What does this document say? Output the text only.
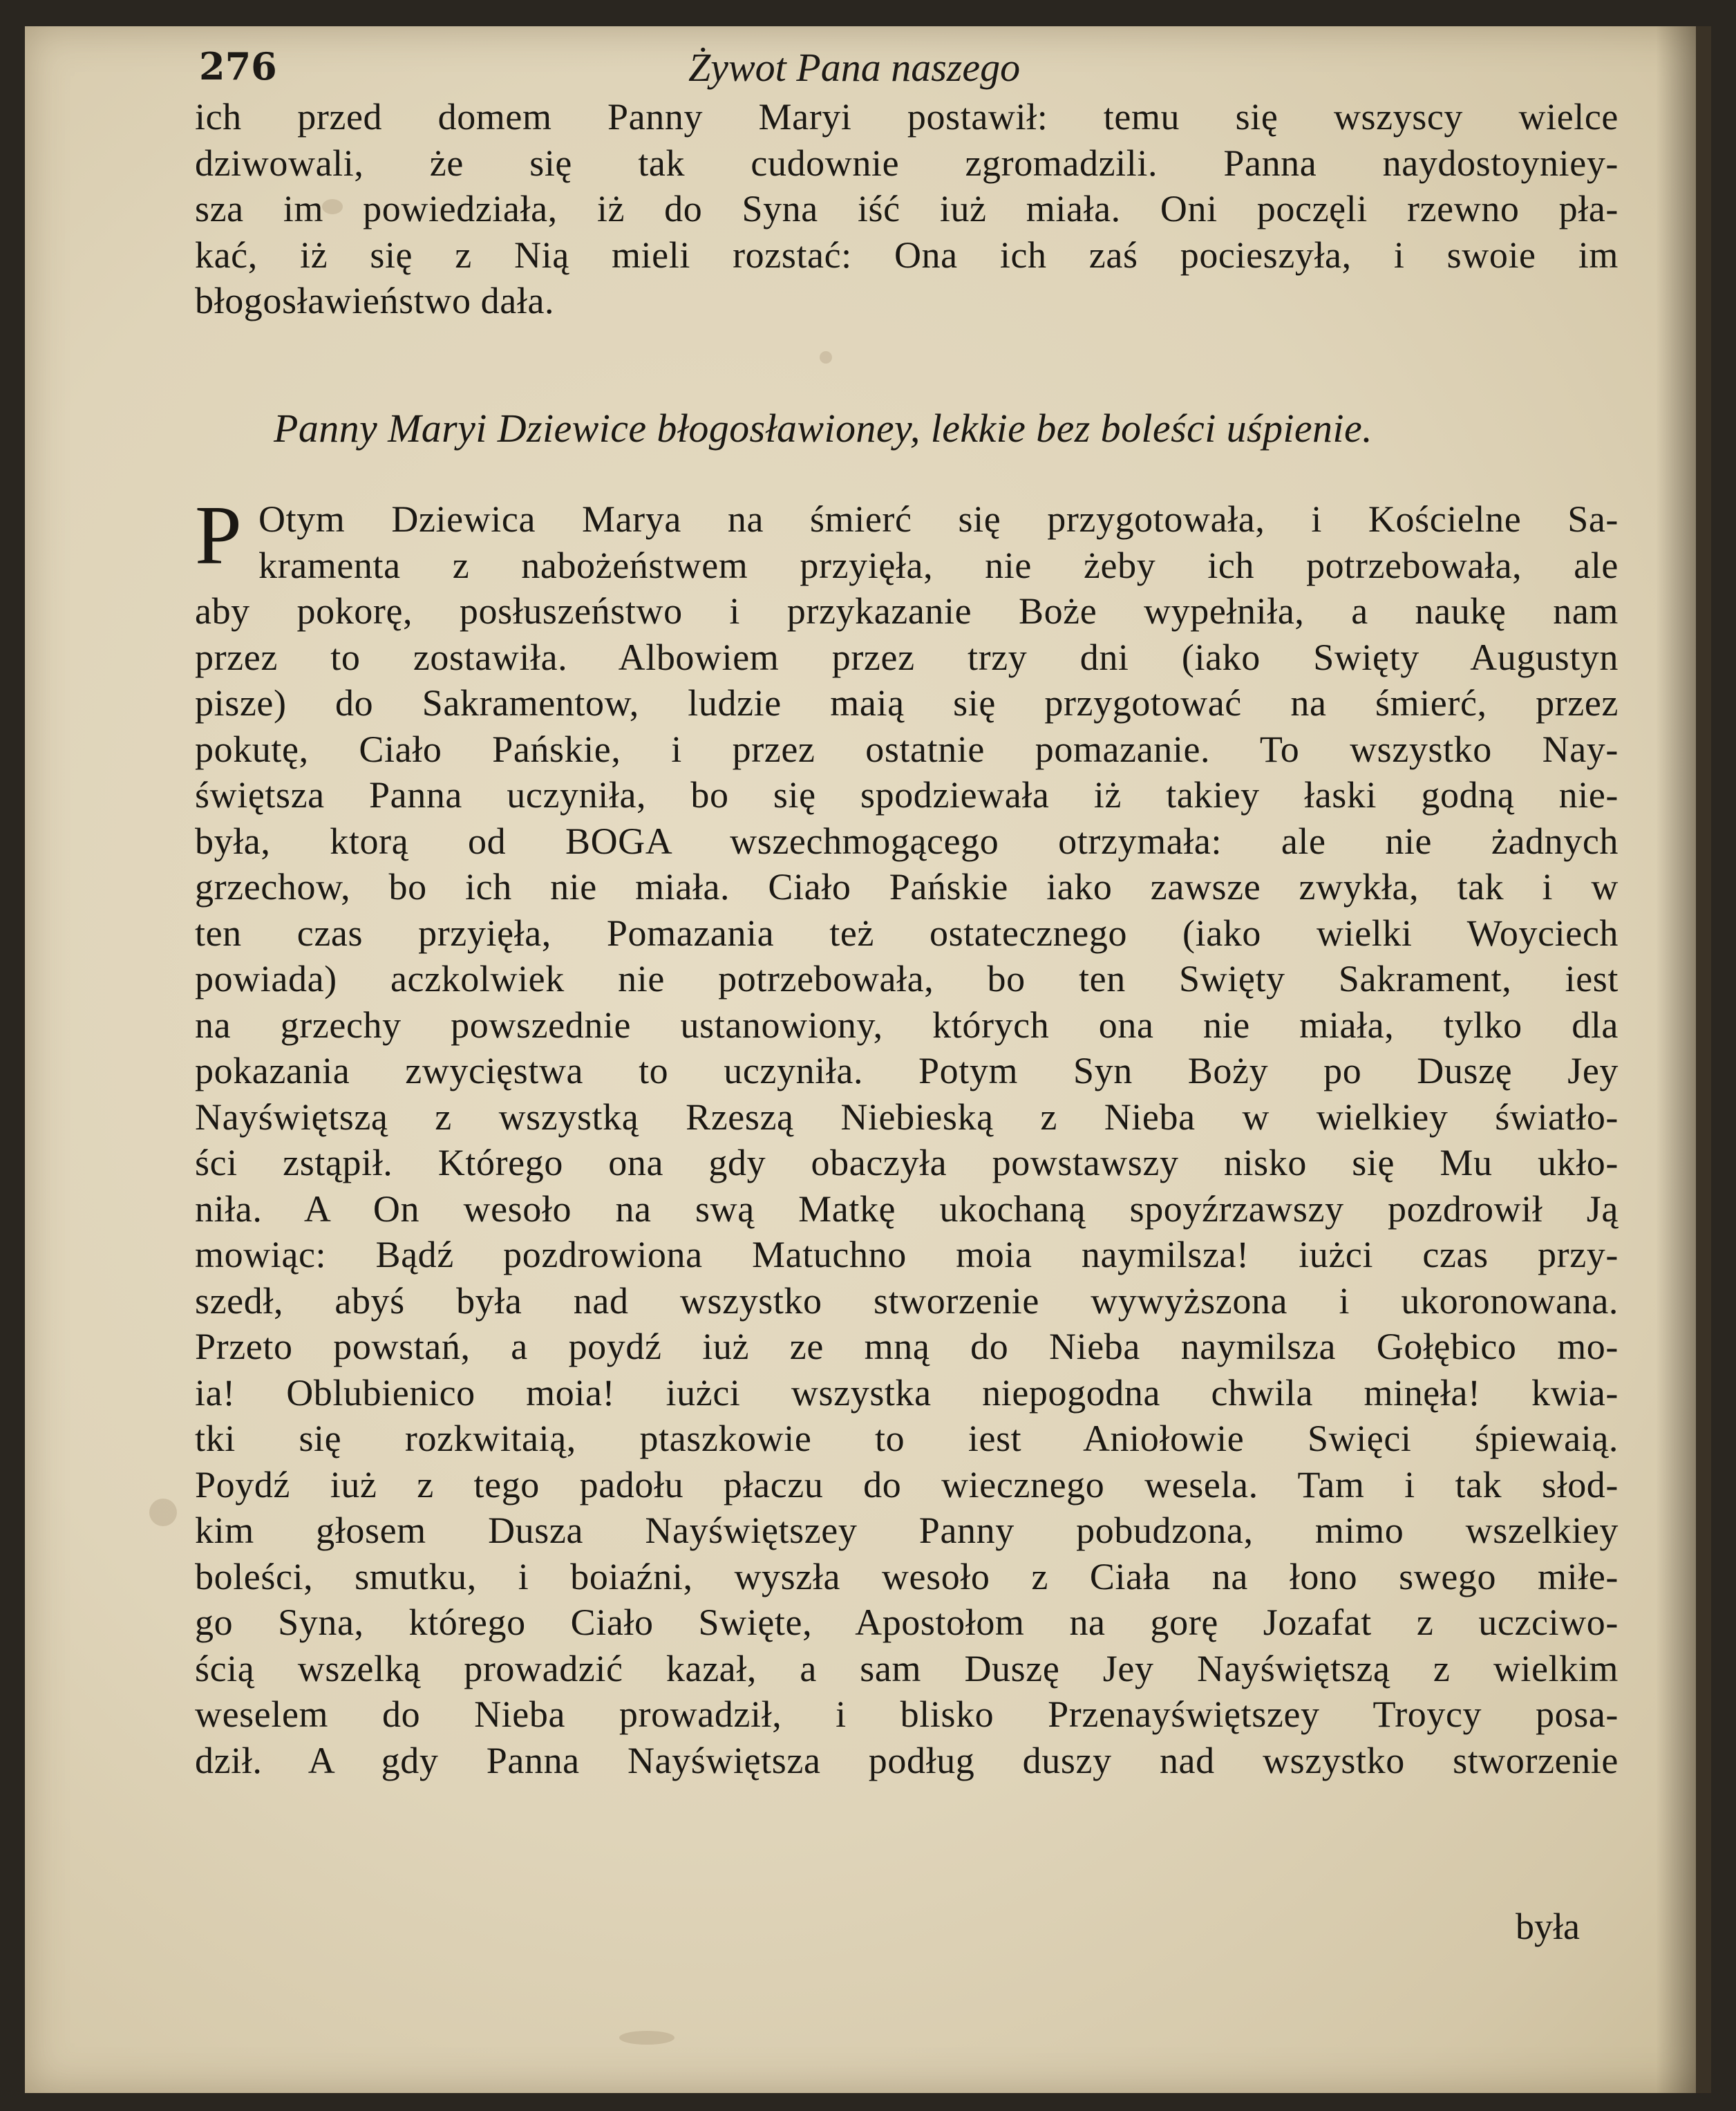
276	Żywot Pana naszego
ich przed domem Panny Maryi postawił: temu się wszyscy wielce
dziwowali, że się tak cudownie zgromadzili. Panna naydostoyniey-
sza im powiedziała, iż do Syna iść iuż miała. Oni poczęli rzewno pła-
kać, iż się z Nią mieli rozstać: Ona ich zaś pocieszyła, i swoie im
błogosławieństwo dała.
Panny Maryi Dziewice błogosławioney, lekkie bez boleści uśpienie.
P Otym Dziewica Marya na śmierć się przygotowała, i Kościelne Sa-
kramenta z nabożeństwem przyięła, nie żeby ich potrzebowała, ale
aby pokorę, posłuszeństwo i przykazanie Boże wypełniła, a naukę nam
przez to zostawiła. Albowiem przez trzy dni (iako Swięty Augustyn
pisze) do Sakramentow, ludzie maią się przygotować na śmierć, przez
pokutę, Ciało Pańskie, i przez ostatnie pomazanie. To wszystko Nay-
świętsza Panna uczyniła, bo się spodziewała iż takiey łaski godną nie-
była, ktorą od BOGA wszechmogącego otrzymała: ale nie żadnych
grzechow, bo ich nie miała. Ciało Pańskie iako zawsze zwykła, tak i w
ten czas przyięła, Pomazania też ostatecznego (iako wielki Woyciech
powiada) aczkolwiek nie potrzebowała, bo ten Swięty Sakrament, iest
na grzechy powszednie ustanowiony, których ona nie miała, tylko dla
pokazania zwycięstwa to uczyniła. Potym Syn Boży po Duszę Jey
Nayświętszą z wszystką Rzeszą Niebieską z Nieba w wielkiey światło-
ści zstąpił. Którego ona gdy obaczyła powstawszy nisko się Mu ukło-
niła. A On wesoło na swą Matkę ukochaną spoyźrzawszy pozdrowił Ją
mowiąc: Bądź pozdrowiona Matuchno moia naymilsza! iużci czas przy-
szedł, abyś była nad wszystko stworzenie wywyższona i ukoronowana.
Przeto powstań, a poydź iuż ze mną do Nieba naymilsza Gołębico mo-
ia! Oblubienico moia! iużci wszystka niepogodna chwila minęła! kwia-
tki się rozkwitaią, ptaszkowie to iest Aniołowie Swięci śpiewaią.
Poydź iuż z tego padołu płaczu do wiecznego wesela. Tam i tak słod-
kim głosem Dusza Nayświętszey Panny pobudzona, mimo wszelkiey
boleści, smutku, i boiaźni, wyszła wesoło z Ciała na łono swego miłe-
go Syna, którego Ciało Swięte, Apostołom na gorę Jozafat z uczciwo-
ścią wszelką prowadzić kazał, a sam Duszę Jey Nayświętszą z wielkim
weselem do Nieba prowadził, i blisko Przenayświętszey Troycy posa-
dził. A gdy Panna Nayświętsza podług duszy nad wszystko stworzenie
była
